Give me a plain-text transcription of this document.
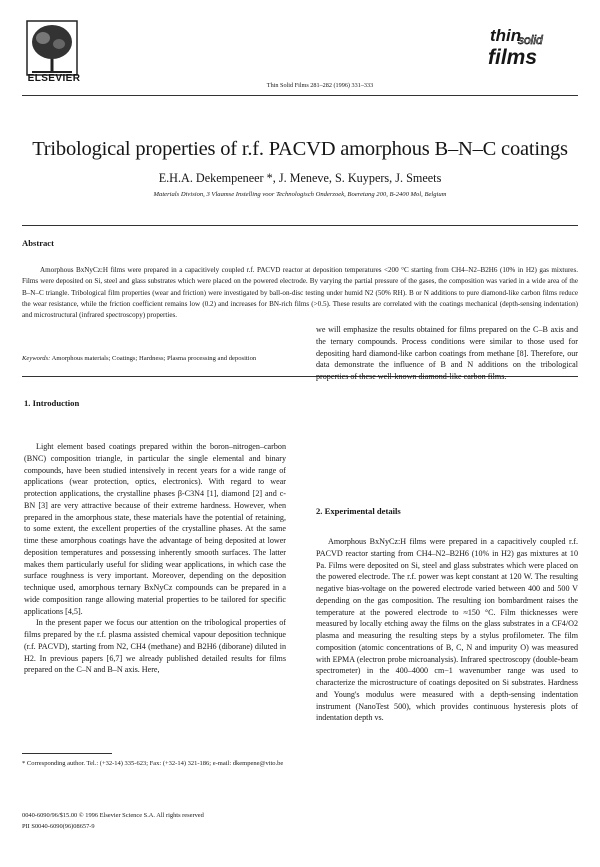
ELSEVIER
Thin Solid Films 281–282 (1996) 331–333
thin
solid
films
Tribological properties of r.f. PACVD amorphous B–N–C coatings
E.H.A. Dekempeneer *, J. Meneve, S. Kuypers, J. Smeets
Materials Division, 3 Vlaamse Instelling voor Technologisch Onderzoek, Boeretang 200, B-2400 Mol, Belgium
Abstract
Amorphous BxNyCz:H films were prepared in a capacitively coupled r.f. PACVD reactor at deposition temperatures <200 °C starting from CH4–N2–B2H6 (10% in H2) gas mixtures. Films were deposited on Si, steel and glass substrates which were placed on the powered electrode. By varying the partial pressure of the gases, the composition was varied in a wide area of the B–N–C triangle. Tribological film properties (wear and friction) were investigated by ball-on-disc testing under humid N2 (50% RH). B or N additions to pure diamond-like carbon films reduce the wear resistance, while the friction coefficient remains low (0.2) and increases for BN-rich films (>0.5). These results are correlated with the coatings mechanical (depth-sensing indentation) and microstructural (infrared spectroscopy) properties.
Keywords: Amorphous materials; Coatings; Hardness; Plasma processing and deposition
1. Introduction

Light element based coatings prepared within the boron–nitrogen–carbon (BNC) composition triangle, in particular the single elemental and binary compounds, have been studied intensively in recent years for a wide range of applications (wear protection, optics, electronics). With regard to wear protection applications, the crystalline phases β-C3N4 [1], diamond [2] and c-BN [3] are very attractive because of their extreme hardness. However, when prepared in the amorphous state, these materials have the potential of retaining, to some extent, the excellent properties of the crystalline phases. At the same time these amorphous coatings have the advantage of being deposited at lower deposition temperatures and possessing inherently smooth surfaces. The latter makes them particularly useful for sliding wear applications, in which case the surface roughness is very important. Moreover, depending on the deposition technique used, amorphous ternary BxNyCz compounds can be prepared in a wide composition range allowing material properties to be tailored for specific applications [4,5].

In the present paper we focus our attention on the tribological properties of films prepared by the r.f. plasma assisted chemical vapour deposition technique (r.f. PACVD), starting from N2, CH4 (methane) and B2H6 (diborane) diluted in H2. In previous papers [6,7] we already published detailed results for films prepared on the C–N and B–N axis. Here,

* Corresponding author. Tel.: (+32-14) 335-623; Fax: (+32-14) 321-186; e-mail: dkempene@vito.be
0040-6090/96/$15.00 © 1996 Elsevier Science S.A. All rights reserved
PII S0040-6090(96)08657-9

we will emphasize the results obtained for films prepared on the C–B axis and the ternary compounds. Process conditions were similar to those used for depositing hard diamond-like carbon coatings from methane [8]. Therefore, our data demonstrate the influence of B and N additions on the tribological properties of these well-known diamond-like carbon films.

2. Experimental details

Amorphous BxNyCz:H films were prepared in a capacitively coupled r.f. PACVD reactor starting from CH4–N2–B2H6 (10% in H2) gas mixtures at 10 Pa. Films were deposited on Si, steel and glass substrates which were placed on the powered electrode. The r.f. power was kept constant at 120 W. The resulting negative bias-voltage on the powered electrode varied between 400 and 500 V depending on the gas composition. The resulting ion bombardment raises the temperature at the powered electrode to ≈150 °C. Film thicknesses were measured by locally etching away the films on the glass substrates in a CF4/O2 plasma and measuring the resulting steps by a stylus profilometer. The film composition (atomic concentrations of B, C, N and impurity O) was measured with EPMA (electron probe microanalysis). Infrared spectroscopy (double-beam spectrometer) in the 400–4000 cm−1 wavenumber range was used to characterize the microstructure of coatings deposited on Si substrates. Hardness and Young's modulus were measured with a depth-sensing indentation instrument (NanoTest 500), which provides continuous hysteresis plots of indentation depth vs.
